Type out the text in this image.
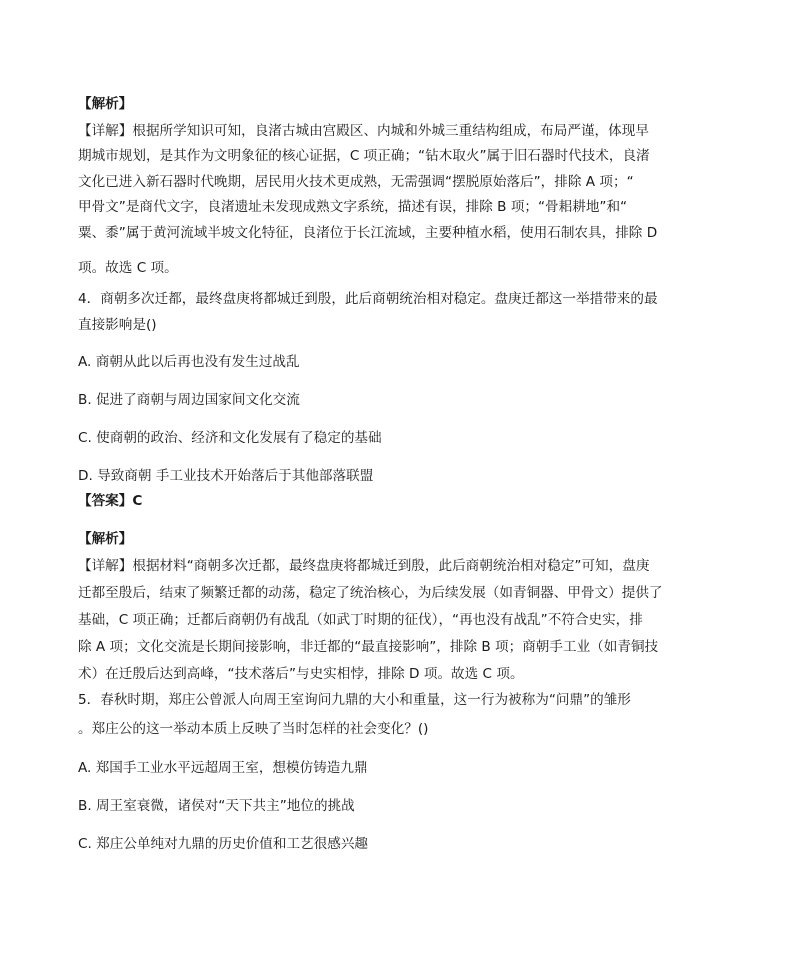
【解析】
【详解】根据所学知识可知，良渚古城由宫殿区、内城和外城三重结构组成，布局严谨，体现早
期城市规划，是其作为文明象征的核心证据，C 项正确；“钻木取火”属于旧石器时代技术，良渚
文化已进入新石器时代晚期，居民用火技术更成熟，无需强调“摆脱原始落后”，排除 A 项；“
甲骨文”是商代文字，良渚遗址未发现成熟文字系统，描述有误，排除 B 项；“骨耜耕地”和“
粟、黍”属于黄河流域半坡文化特征，良渚位于长江流域，主要种植水稻，使用石制农具，排除 D
项。故选 C 项。
4．商朝多次迁都，最终盘庚将都城迁到殷，此后商朝统治相对稳定。盘庚迁都这一举措带来的最
直接影响是()
A. 商朝从此以后再也没有发生过战乱
B. 促进了商朝与周边国家间文化交流
C. 使商朝的政治、经济和文化发展有了稳定的基础
D. 导致商朝 手工业技术开始落后于其他部落联盟
【答案】C
【解析】
【详解】根据材料“商朝多次迁都，最终盘庚将都城迁到殷，此后商朝统治相对稳定”可知，盘庚
迁都至殷后，结束了频繁迁都的动荡，稳定了统治核心，为后续发展（如青铜器、甲骨文）提供了
基础，C 项正确；迁都后商朝仍有战乱（如武丁时期的征伐），“再也没有战乱”不符合史实，排
除 A 项；文化交流是长期间接影响，非迁都的“最直接影响”，排除 B 项；商朝手工业（如青铜技
术）在迁殷后达到高峰，“技术落后”与史实相悖，排除 D 项。故选 C 项。
5．春秋时期，郑庄公曾派人向周王室询问九鼎的大小和重量，这一行为被称为“问鼎”的雏形
。郑庄公的这一举动本质上反映了当时怎样的社会变化？()
A. 郑国手工业水平远超周王室，想模仿铸造九鼎
B. 周王室衰微，诸侯对“天下共主”地位的挑战
C. 郑庄公单纯对九鼎的历史价值和工艺很感兴趣
